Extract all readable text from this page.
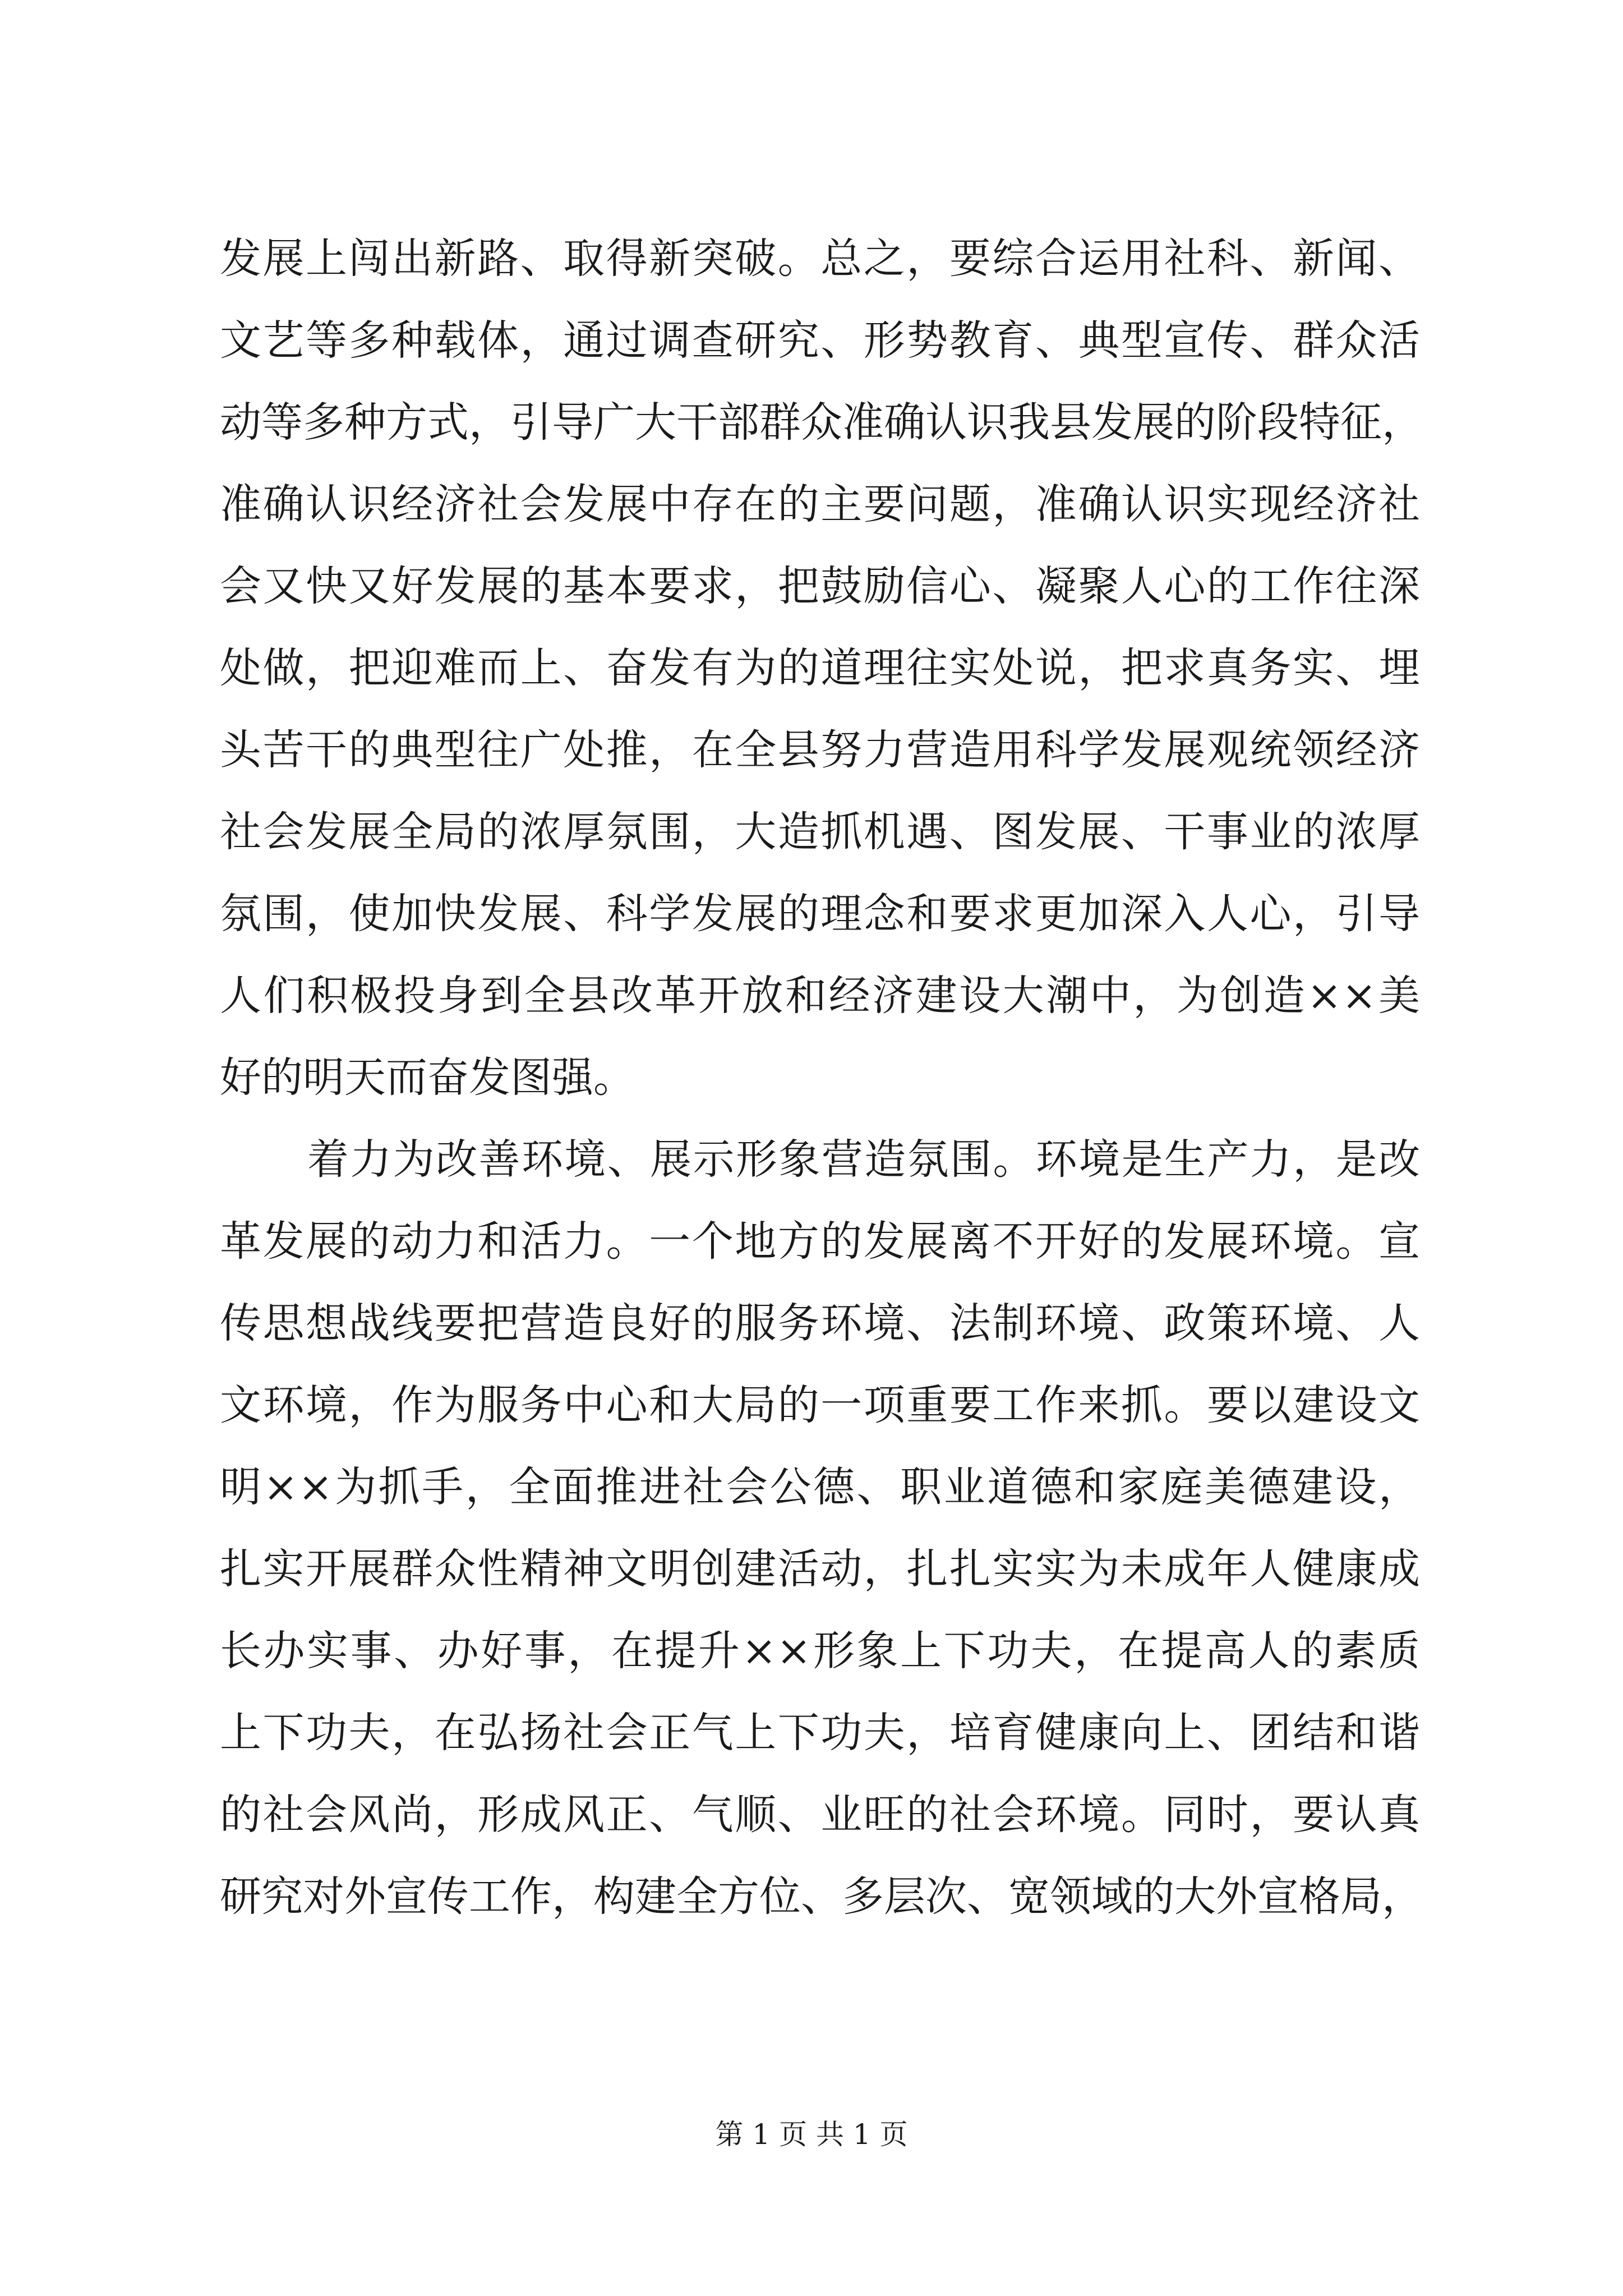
发展上闯出新路、取得新突破。总之，要综合运用社科、新闻、
文艺等多种载体，通过调查研究、形势教育、典型宣传、群众活
动等多种方式，引导广大干部群众准确认识我县发展的阶段特征，
准确认识经济社会发展中存在的主要问题，准确认识实现经济社
会又快又好发展的基本要求，把鼓励信心、凝聚人心的工作往深
处做，把迎难而上、奋发有为的道理往实处说，把求真务实、埋
头苦干的典型往广处推，在全县努力营造用科学发展观统领经济
社会发展全局的浓厚氛围，大造抓机遇、图发展、干事业的浓厚
氛围，使加快发展、科学发展的理念和要求更加深入人心，引导
人们积极投身到全县改革开放和经济建设大潮中，为创造××美
好的明天而奋发图强。
着力为改善环境、展示形象营造氛围。环境是生产力，是改
革发展的动力和活力。一个地方的发展离不开好的发展环境。宣
传思想战线要把营造良好的服务环境、法制环境、政策环境、人
文环境，作为服务中心和大局的一项重要工作来抓。要以建设文
明××为抓手，全面推进社会公德、职业道德和家庭美德建设，
扎实开展群众性精神文明创建活动，扎扎实实为未成年人健康成
长办实事、办好事，在提升××形象上下功夫，在提高人的素质
上下功夫，在弘扬社会正气上下功夫，培育健康向上、团结和谐
的社会风尚，形成风正、气顺、业旺的社会环境。同时，要认真
研究对外宣传工作，构建全方位、多层次、宽领域的大外宣格局，
第 1 页 共 1 页
